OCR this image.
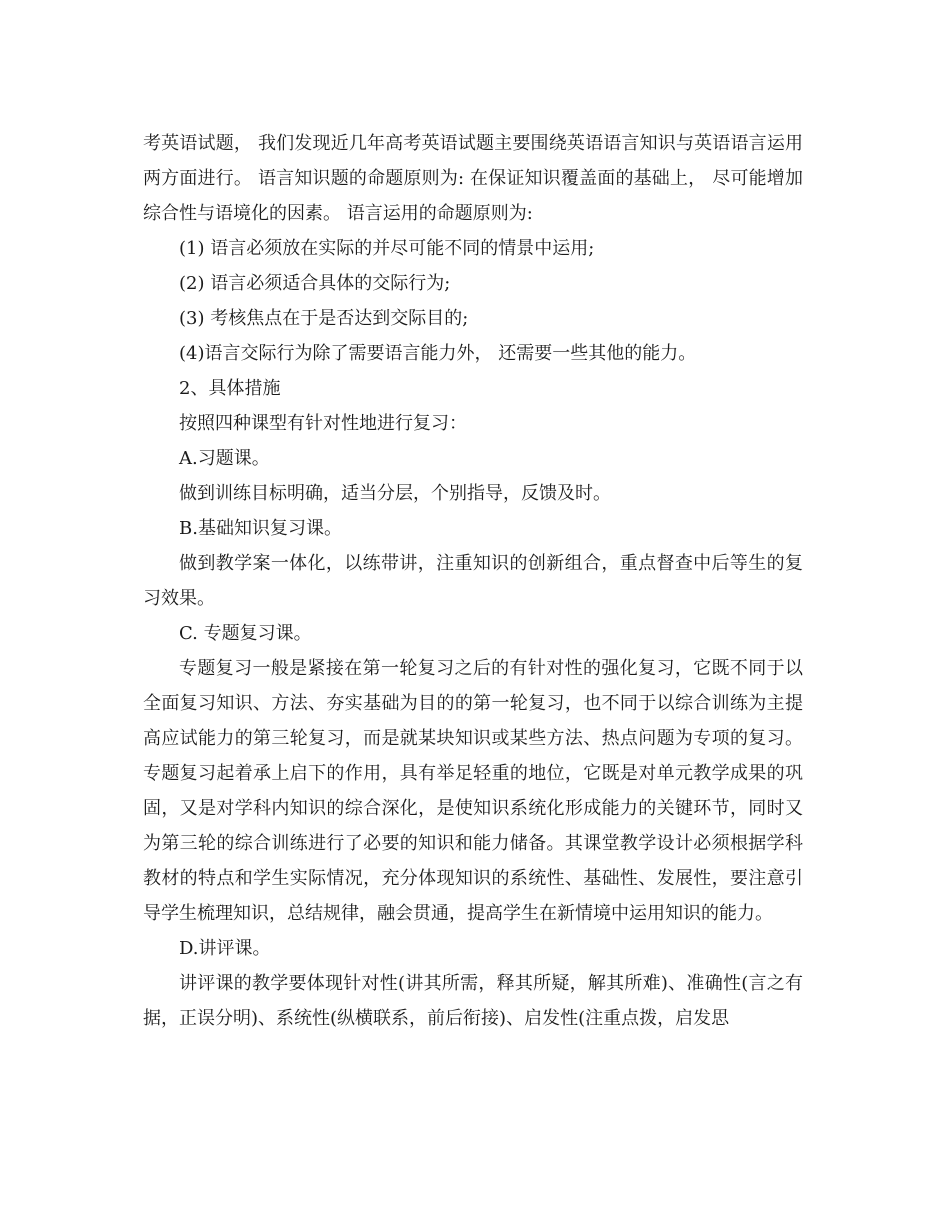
考英语试题， 我们发现近几年高考英语试题主要围绕英语语言知识与英语语言运用两方面进行。 语言知识题的命题原则为: 在保证知识覆盖面的基础上， 尽可能增加综合性与语境化的因素。 语言运用的命题原则为:

(1) 语言必须放在实际的并尽可能不同的情景中运用;

(2) 语言必须适合具体的交际行为;

(3) 考核焦点在于是否达到交际目的;

(4)语言交际行为除了需要语言能力外， 还需要一些其他的能力。

2、具体措施

按照四种课型有针对性地进行复习：

A.习题课。

做到训练目标明确，适当分层，个别指导，反馈及时。

B.基础知识复习课。

做到教学案一体化，以练带讲，注重知识的创新组合，重点督查中后等生的复习效果。

C. 专题复习课。

专题复习一般是紧接在第一轮复习之后的有针对性的强化复习，它既不同于以全面复习知识、方法、夯实基础为目的的第一轮复习，也不同于以综合训练为主提高应试能力的第三轮复习，而是就某块知识或某些方法、热点问题为专项的复习。专题复习起着承上启下的作用，具有举足轻重的地位，它既是对单元教学成果的巩固，又是对学科内知识的综合深化，是使知识系统化形成能力的关键环节，同时又为第三轮的综合训练进行了必要的知识和能力储备。其课堂教学设计必须根据学科教材的特点和学生实际情况，充分体现知识的系统性、基础性、发展性，要注意引导学生梳理知识，总结规律，融会贯通，提高学生在新情境中运用知识的能力。

D.讲评课。

讲评课的教学要体现针对性(讲其所需，释其所疑，解其所难)、准确性(言之有据，正误分明)、系统性(纵横联系，前后衔接)、启发性(注重点拨，启发思
